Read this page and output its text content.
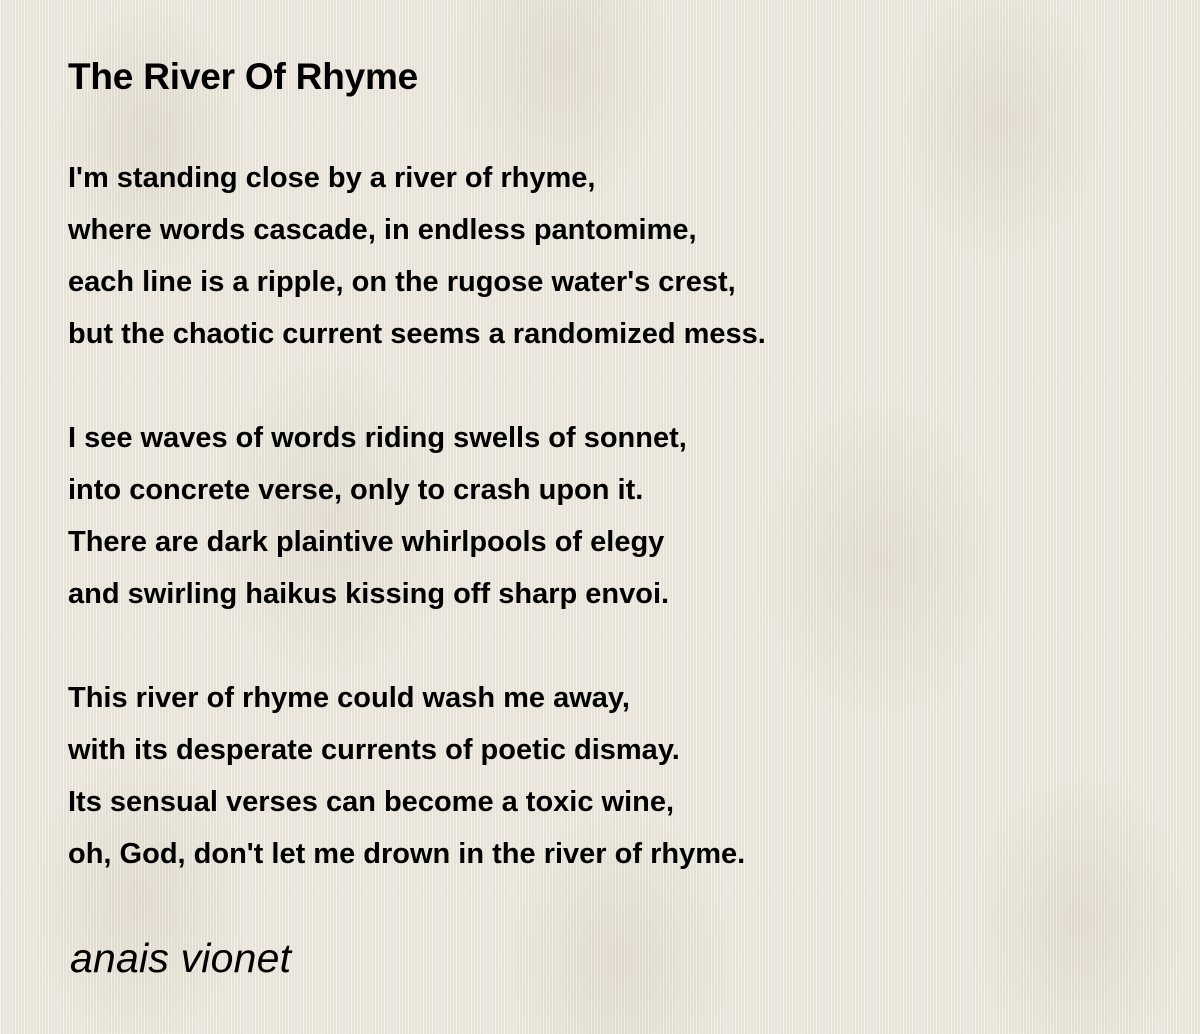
The River Of Rhyme
I'm standing close by a river of rhyme,
where words cascade, in endless pantomime,
each line is a ripple, on the rugose water's crest,
but the chaotic current seems a randomized mess.
I see waves of words riding swells of sonnet,
into concrete verse, only to crash upon it.
There are dark plaintive whirlpools of elegy
and swirling haikus kissing off sharp envoi.
This river of rhyme could wash me away,
with its desperate currents of poetic dismay.
Its sensual verses can become a toxic wine,
oh, God, don't let me drown in the river of rhyme.
anais vionet
